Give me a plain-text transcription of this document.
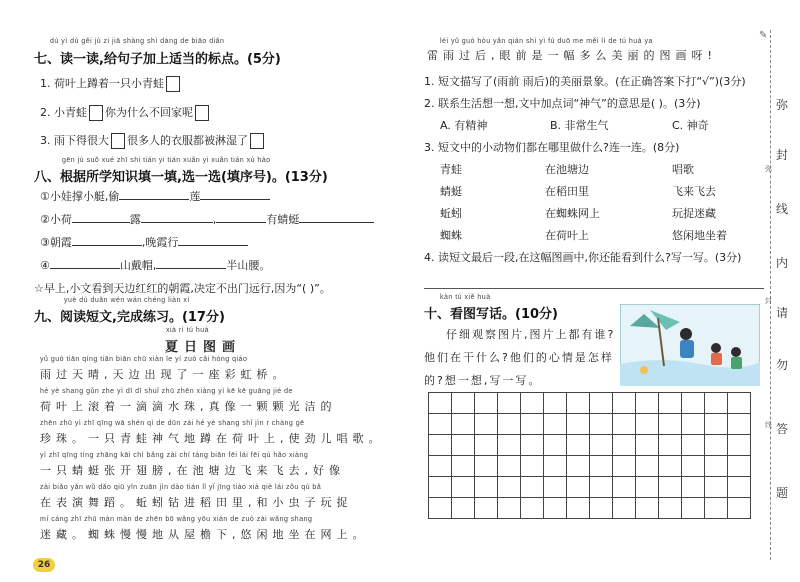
dú yì dú gěi jù zi jiā shàng shì dàng de biāo diǎn
七、读一读,给句子加上适当的标点。(5分)
1. 荷叶上蹲着一只小青蛙
2. 小青蛙 你为什么不回家呢
3. 雨下得很大 很多人的衣服都被淋湿了
gēn jù suǒ xué zhī shi tián yi tián xuǎn yi xuǎn tián xù hào
八、根据所学知识填一填,选一选(填序号)。(13分)
①小娃撑小艇,偷	莲
②小荷	露	,	有蜻蜓
③朝霞	,晚霞行
④	山戴帽,	半山腰。
☆早上,小文看到天边红红的朝霞,决定不出门远行,因为“( )”。
yuè dú duǎn wén wán chéng liàn xí
九、阅读短文,完成练习。(17分)
xià rì tú huà
夏日图画
yǔ guò tiān qíng tiān biān chū xiàn le yí zuò cǎi hóng qiáo
雨过天晴,天边出现了一座彩虹桥。
hé yè shang gǔn zhe yì dī dī shuǐ zhū zhēn xiàng yì kē kē guāng jié de
荷叶上滚着一滴滴水珠,真像一颗颗光洁的
zhēn zhū yì zhī qīng wā shén qì de dūn zài hé yè shang shǐ jìn r chàng gē
珍珠。一只青蛙神气地蹲在荷叶上,使劲儿唱歌。
yì zhī qīng tíng zhāng kāi chì bǎng zài chí táng biān fēi lái fēi qù hǎo xiàng
一只蜻蜓张开翅膀,在池塘边飞来飞去,好像
zài biǎo yǎn wǔ dǎo qiū yǐn zuān jìn dào tián lǐ yǐ jīng tiào xià qiè lái zǒu qù bǎ
在表演舞蹈。蚯蚓钻进稻田里,和小虫子玩捉
mí cáng zhī zhū màn màn de zhēn bō wǎng yōu xián de zuò zài wǎng shang
迷藏。蜘蛛慢慢地从屋檐下,悠闲地坐在网上。
26
léi yǔ guò hòu yǎn qián shì yì fú duō me měi lì de tú huà ya
雷雨过后,眼前是一幅多么美丽的图画呀!
1. 短文描写了(雨前 雨后)的美丽景象。(在正确答案下打“√”)(3分)
2. 联系生活想一想,文中加点词“神气”的意思是( )。(3分)
A. 有精神	B. 非常生气	C. 神奇
3. 短文中的小动物们都在哪里做什么?连一连。(8分)
青蛙	在池塘边	唱歌
蜻蜓	在稻田里	飞来飞去
蚯蚓	在蜘蛛网上	玩捉迷藏
蜘蛛	在荷叶上	悠闲地坐着
4. 读短文最后一段,在这幅图画中,你还能看到什么?写一写。(3分)
kàn tú xiě huà
十、看图写话。(10分)
仔细观察图片,图片上都有谁?
他们在干什么?他们的心情是怎样
的?想一想,写一写。

✎
弥
封
线
内
请
勿
答
题
弥
封
线
